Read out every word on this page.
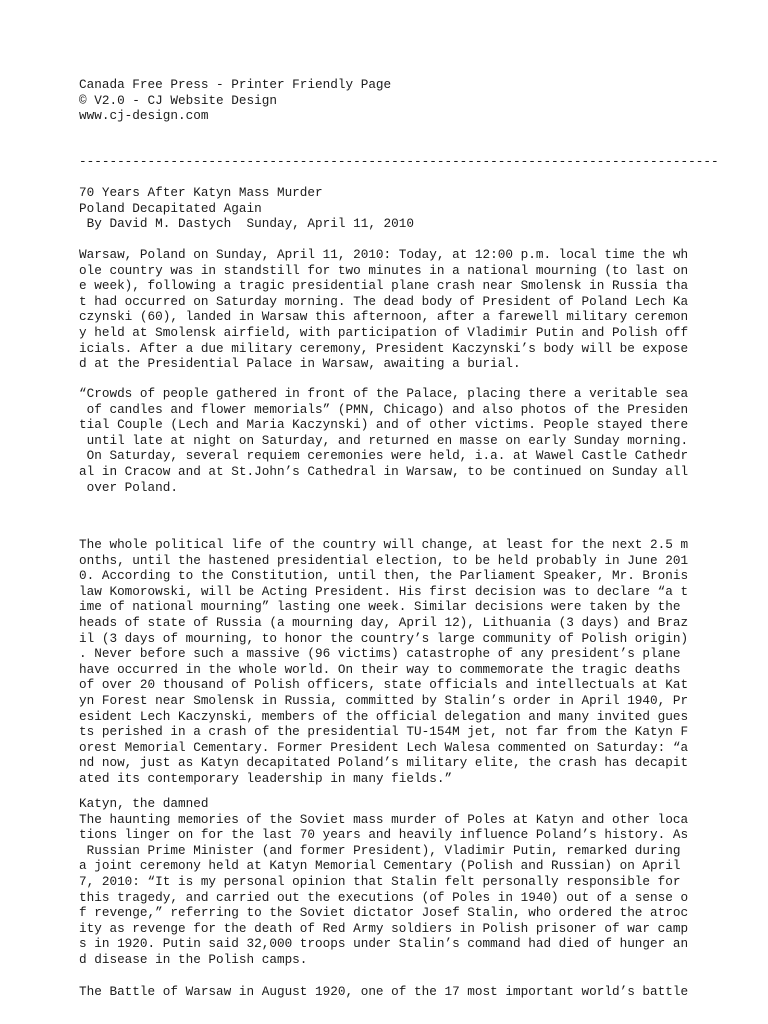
Canada Free Press - Printer Friendly Page
© V2.0 - CJ Website Design
www.cj-design.com
------------------------------------------------------------------------------------
70 Years After Katyn Mass Murder
Poland Decapitated Again
By David M. Dastych  Sunday, April 11, 2010
Warsaw, Poland on Sunday, April 11, 2010: Today, at 12:00 p.m. local time the wh
ole country was in standstill for two minutes in a national mourning (to last on
e week), following a tragic presidential plane crash near Smolensk in Russia tha
t had occurred on Saturday morning. The dead body of President of Poland Lech Ka
czynski (60), landed in Warsaw this afternoon, after a farewell military ceremon
y held at Smolensk airfield, with participation of Vladimir Putin and Polish off
icials. After a due military ceremony, President Kaczynski’s body will be expose
d at the Presidential Palace in Warsaw, awaiting a burial.
“Crowds of people gathered in front of the Palace, placing there a veritable sea
of candles and flower memorials” (PMN, Chicago) and also photos of the Presiden
tial Couple (Lech and Maria Kaczynski) and of other victims. People stayed there
until late at night on Saturday, and returned en masse on early Sunday morning.
On Saturday, several requiem ceremonies were held, i.a. at Wawel Castle Cathedr
al in Cracow and at St.John’s Cathedral in Warsaw, to be continued on Sunday all
over Poland.
The whole political life of the country will change, at least for the next 2.5 m
onths, until the hastened presidential election, to be held probably in June 201
0. According to the Constitution, until then, the Parliament Speaker, Mr. Bronis
law Komorowski, will be Acting President. His first decision was to declare “a t
ime of national mourning” lasting one week. Similar decisions were taken by the
heads of state of Russia (a mourning day, April 12), Lithuania (3 days) and Braz
il (3 days of mourning, to honor the country’s large community of Polish origin)
. Never before such a massive (96 victims) catastrophe of any president’s plane
have occurred in the whole world. On their way to commemorate the tragic deaths
of over 20 thousand of Polish officers, state officials and intellectuals at Kat
yn Forest near Smolensk in Russia, committed by Stalin’s order in April 1940, Pr
esident Lech Kaczynski, members of the official delegation and many invited gues
ts perished in a crash of the presidential TU-154M jet, not far from the Katyn F
orest Memorial Cementary. Former President Lech Walesa commented on Saturday: “a
nd now, just as Katyn decapitated Poland’s military elite, the crash has decapit
ated its contemporary leadership in many fields.”
Katyn, the damned
The haunting memories of the Soviet mass murder of Poles at Katyn and other loca
tions linger on for the last 70 years and heavily influence Poland’s history. As
Russian Prime Minister (and former President), Vladimir Putin, remarked during
a joint ceremony held at Katyn Memorial Cementary (Polish and Russian) on April
7, 2010: “It is my personal opinion that Stalin felt personally responsible for
this tragedy, and carried out the executions (of Poles in 1940) out of a sense o
f revenge,” referring to the Soviet dictator Josef Stalin, who ordered the atroc
ity as revenge for the death of Red Army soldiers in Polish prisoner of war camp
s in 1920. Putin said 32,000 troops under Stalin’s command had died of hunger an
d disease in the Polish camps.
The Battle of Warsaw in August 1920, one of the 17 most important world’s battle
